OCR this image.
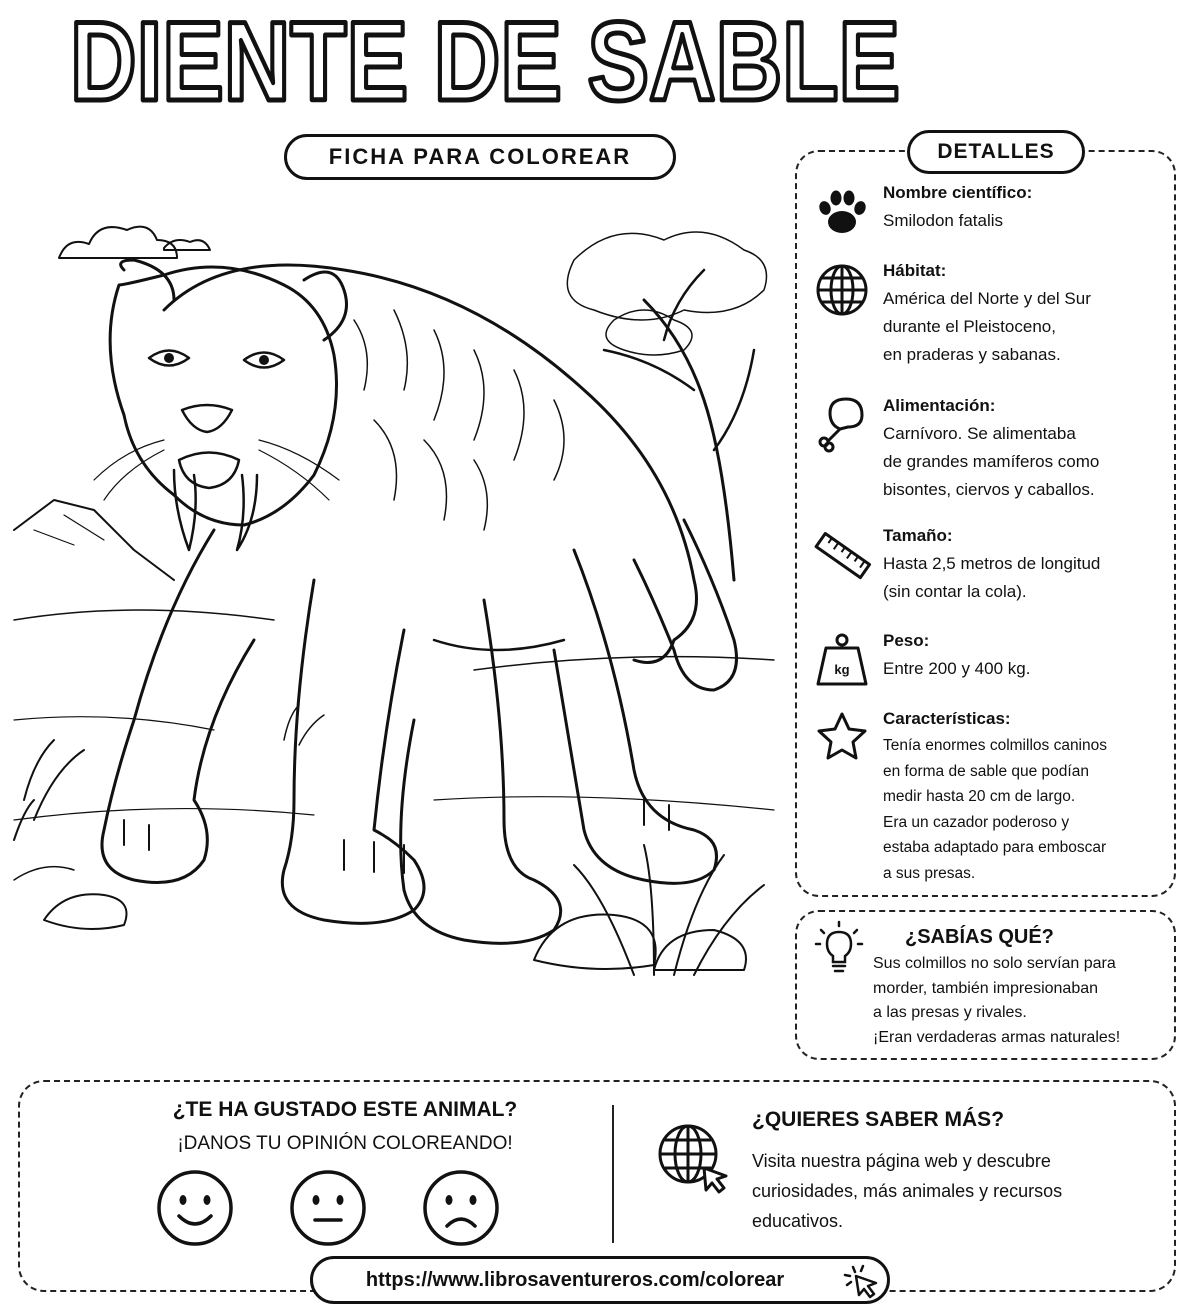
DIENTE DE SABLE
FICHA PARA COLOREAR	DETALLES
Nombre científico:
Smilodon fatalis
Hábitat:
América del Norte y del Sur
durante el Pleistoceno,
en praderas y sabanas.
Alimentación:
Carnívoro. Se alimentaba
de grandes mamíferos como
bisontes, ciervos y caballos.
Tamaño:
Hasta 2,5 metros de longitud
(sin contar la cola).
kg
Peso:
Entre 200 y 400 kg.
Características:
Tenía enormes colmillos caninos
en forma de sable que podían
medir hasta 20 cm de largo.
Era un cazador poderoso y
estaba adaptado para emboscar
a sus presas.
¿SABÍAS QUÉ?
Sus colmillos no solo servían para
morder, también impresionaban
a las presas y rivales.
¡Eran verdaderas armas naturales!
¿TE HA GUSTADO ESTE ANIMAL?
¡DANOS TU OPINIÓN COLOREANDO!
¿QUIERES SABER MÁS?
Visita nuestra página web y descubre
curiosidades, más animales y recursos
educativos.
https://www.librosaventureros.com/colorear
